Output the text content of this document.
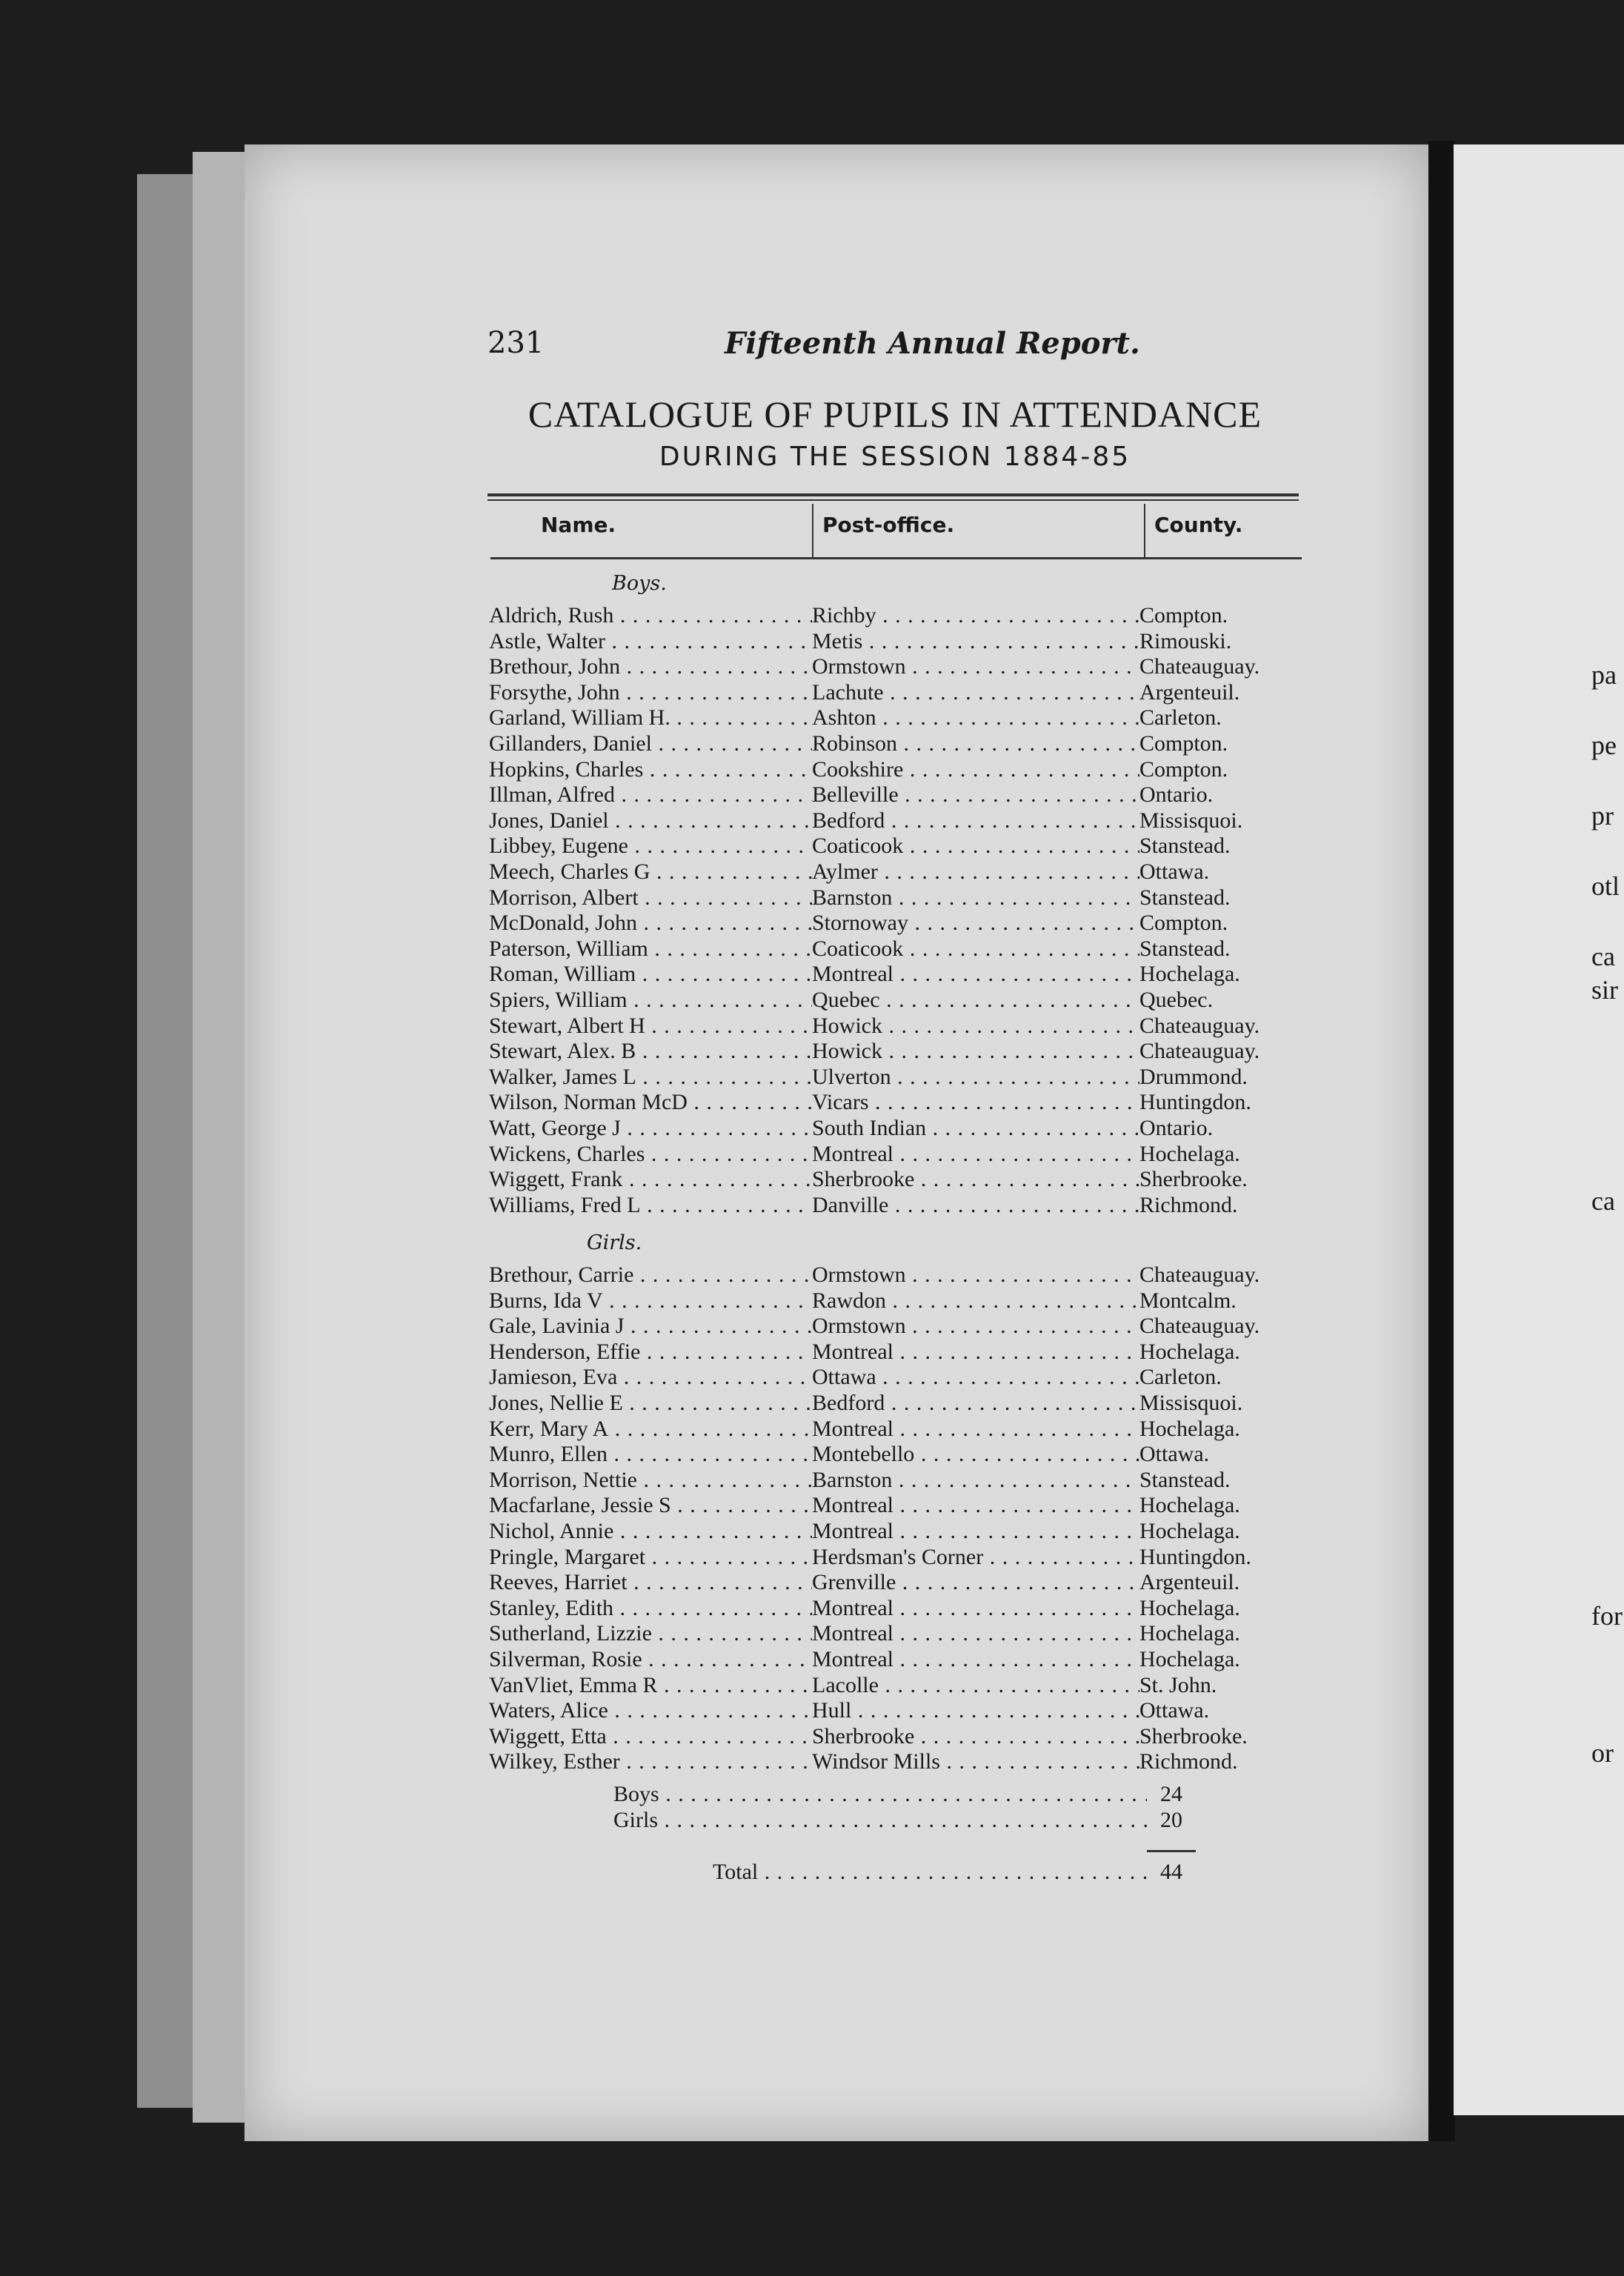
231	Fifteenth Annual Report.
CATALOGUE OF PUPILS IN ATTENDANCE
DURING THE SESSION 1884-85
Name.	Post-office.	County.
Boys.
Girls.
Aldrich, Rush . . .	Richby . . .	Compton.
Astle, Walter . . .	Metis . . .	Rimouski.
Brethour, John . . .	Ormstown . . .	Chateauguay.
Forsythe, John . . .	Lachute . . .	Argenteuil.
Garland, William H. . . .	Ashton . . .	Carleton.
Gillanders, Daniel . . .	Robinson . . .	Compton.
Hopkins, Charles . . .	Cookshire . . .	Compton.
Illman, Alfred . . .	Belleville . . .	Ontario.
Jones, Daniel . . .	Bedford . . .	Missisquoi.
Libbey, Eugene . . .	Coaticook . . .	Stanstead.
Meech, Charles G . . .	Aylmer . . .	Ottawa.
Morrison, Albert . . .	Barnston . . .	Stanstead.
McDonald, John . . .	Stornoway . . .	Compton.
Paterson, William . . .	Coaticook . . .	Stanstead.
Roman, William . . .	Montreal . . .	Hochelaga.
Spiers, William . . .	Quebec . . .	Quebec.
Stewart, Albert H . . .	Howick . . .	Chateauguay.
Stewart, Alex. B . . .	Howick . . .	Chateauguay.
Walker, James L . . .	Ulverton . . .	Drummond.
Wilson, Norman McD . . .	Vicars . . .	Huntingdon.
Watt, George J . . .	South Indian . . .	Ontario.
Wickens, Charles . . .	Montreal . . .	Hochelaga.
Wiggett, Frank . . .	Sherbrooke . . .	Sherbrooke.
Williams, Fred L . . .	Danville . . .	Richmond.
Brethour, Carrie . . .	Ormstown . . .	Chateauguay.
Burns, Ida V . . .	Rawdon . . .	Montcalm.
Gale, Lavinia J . . .	Ormstown . . .	Chateauguay.
Henderson, Effie . . .	Montreal . . .	Hochelaga.
Jamieson, Eva . . .	Ottawa . . .	Carleton.
Jones, Nellie E . . .	Bedford . . .	Missisquoi.
Kerr, Mary A . . .	Montreal . . .	Hochelaga.
Munro, Ellen . . .	Montebello . . .	Ottawa.
Morrison, Nettie . . .	Barnston . . .	Stanstead.
Macfarlane, Jessie S . . .	Montreal . . .	Hochelaga.
Nichol, Annie . . .	Montreal . . .	Hochelaga.
Pringle, Margaret . . .	Herdsman's Corner . . .	Huntingdon.
Reeves, Harriet . . .	Grenville . . .	Argenteuil.
Stanley, Edith . . .	Montreal . . .	Hochelaga.
Sutherland, Lizzie . . .	Montreal . . .	Hochelaga.
Silverman, Rosie . . .	Montreal . . .	Hochelaga.
VanVliet, Emma R . . .	Lacolle . . .	St. John.
Waters, Alice . . .	Hull . . .	Ottawa.
Wiggett, Etta . . .	Sherbrooke . . .	Sherbrooke.
Wilkey, Esther . . .	Windsor Mills . . .	Richmond.
Boys . . .	24
Girls . . .	20
Total . . .	44
pa
pe
pr
otl
ca
sir
ca
for
or
